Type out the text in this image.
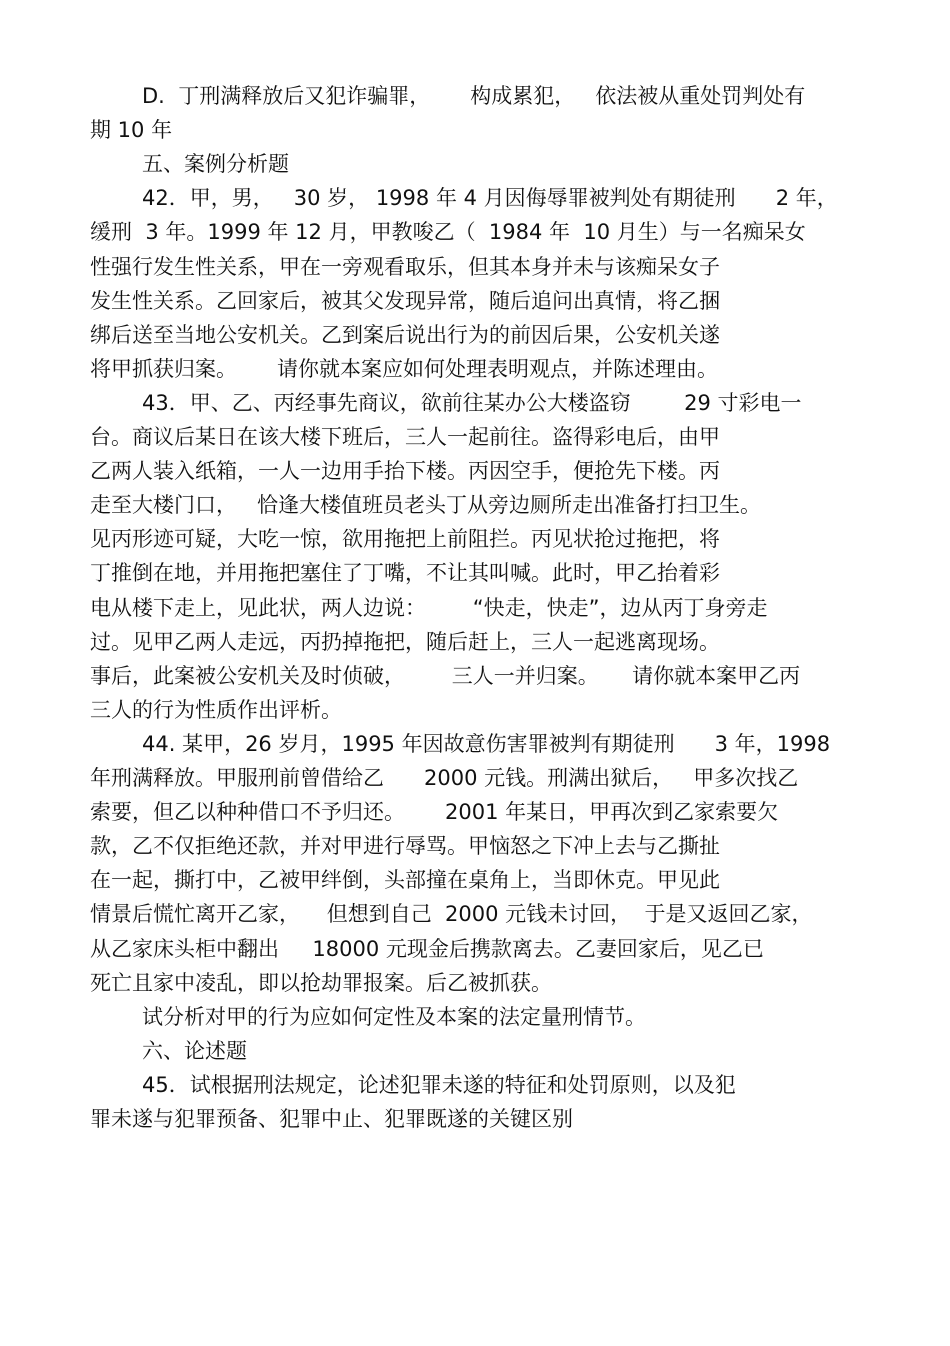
D.  丁刑满释放后又犯诈骗罪，      构成累犯，   依法被从重处罚判处有
期 10 年
五、案例分析题
42．甲，男，   30 岁， 1998 年 4 月因侮辱罪被判处有期徒刑      2 年，
缓刑  3 年。1999 年 12 月，甲教唆乙（  1984 年  10 月生）与一名痴呆女
性强行发生性关系，甲在一旁观看取乐，但其本身并未与该痴呆女子
发生性关系。乙回家后，被其父发现异常，随后追问出真情，将乙捆
绑后送至当地公安机关。乙到案后说出行为的前因后果，公安机关遂
将甲抓获归案。      请你就本案应如何处理表明观点，并陈述理由。
43．甲、乙、丙经事先商议，欲前往某办公大楼盗窃        29 寸彩电一
台。商议后某日在该大楼下班后，三人一起前往。盗得彩电后，由甲
乙两人装入纸箱，一人一边用手抬下楼。丙因空手，便抢先下楼。丙
走至大楼门口，   恰逢大楼值班员老头丁从旁边厕所走出准备打扫卫生。
见丙形迹可疑，大吃一惊，欲用拖把上前阻拦。丙见状抢过拖把，将
丁推倒在地，并用拖把塞住了丁嘴，不让其叫喊。此时，甲乙抬着彩
电从楼下走上，见此状，两人边说：       “快走，快走”，边从丙丁身旁走
过。见甲乙两人走远，丙扔掉拖把，随后赶上，三人一起逃离现场。
事后，此案被公安机关及时侦破，       三人一并归案。     请你就本案甲乙丙
三人的行为性质作出评析。
44. 某甲，26 岁月，1995 年因故意伤害罪被判有期徒刑      3 年，1998
年刑满释放。甲服刑前曾借给乙      2000 元钱。刑满出狱后，   甲多次找乙
索要，但乙以种种借口不予归还。      2001 年某日，甲再次到乙家索要欠
款，乙不仅拒绝还款，并对甲进行辱骂。甲恼怒之下冲上去与乙撕扯
在一起，撕打中，乙被甲绊倒，头部撞在桌角上，当即休克。甲见此
情景后慌忙离开乙家，    但想到自己  2000 元钱未讨回，  于是又返回乙家，
从乙家床头柜中翻出     18000 元现金后携款离去。乙妻回家后，见乙已
死亡且家中凌乱，即以抢劫罪报案。后乙被抓获。
试分析对甲的行为应如何定性及本案的法定量刑情节。
六、论述题
45．试根据刑法规定，论述犯罪未遂的特征和处罚原则，以及犯
罪未遂与犯罪预备、犯罪中止、犯罪既遂的关键区别
